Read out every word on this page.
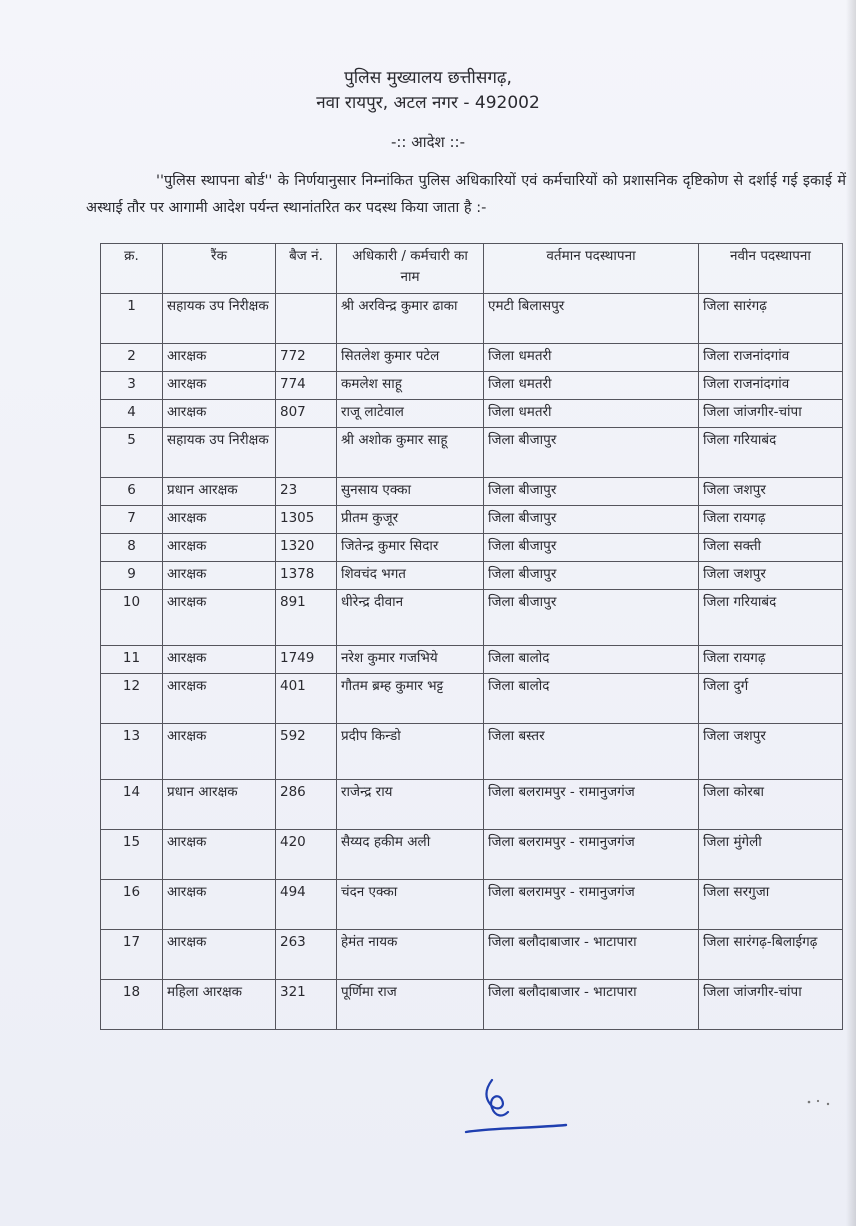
पुलिस मुख्यालय छत्तीसगढ़,
नवा रायपुर, अटल नगर - 492002
-:: आदेश ::-
''पुलिस स्थापना बोर्ड'' के निर्णयानुसार निम्नांकित पुलिस अधिकारियों एवं कर्मचारियों को प्रशासनिक दृष्टिकोण से दर्शाई गई इकाई में अस्थाई तौर पर आगामी आदेश पर्यन्त स्थानांतरित कर पदस्थ किया जाता है :-
क्र.	रैंक	बैज नं.	अधिकारी / कर्मचारी का नाम	वर्तमान पदस्थापना	नवीन पदस्थापना
1	सहायक उप निरीक्षक		श्री अरविन्द्र कुमार ढाका	एमटी बिलासपुर	जिला सारंगढ़
2	आरक्षक	772	सितलेश कुमार पटेल	जिला धमतरी	जिला राजनांदगांव
3	आरक्षक	774	कमलेश साहू	जिला धमतरी	जिला राजनांदगांव
4	आरक्षक	807	राजू लाटेवाल	जिला धमतरी	जिला जांजगीर-चांपा
5	सहायक उप निरीक्षक		श्री अशोक कुमार साहू	जिला बीजापुर	जिला गरियाबंद
6	प्रधान आरक्षक	23	सुनसाय एक्का	जिला बीजापुर	जिला जशपुर
7	आरक्षक	1305	प्रीतम कुजूर	जिला बीजापुर	जिला रायगढ़
8	आरक्षक	1320	जितेन्द्र कुमार सिदार	जिला बीजापुर	जिला सक्ती
9	आरक्षक	1378	शिवचंद भगत	जिला बीजापुर	जिला जशपुर
10	आरक्षक	891	धीरेन्द्र दीवान	जिला बीजापुर	जिला गरियाबंद
11	आरक्षक	1749	नरेश कुमार गजभिये	जिला बालोद	जिला रायगढ़
12	आरक्षक	401	गौतम ब्रम्ह कुमार भट्ट	जिला बालोद	जिला दुर्ग
13	आरक्षक	592	प्रदीप किन्डो	जिला बस्तर	जिला जशपुर
14	प्रधान आरक्षक	286	राजेन्द्र राय	जिला बलरामपुर - रामानुजगंज	जिला कोरबा
15	आरक्षक	420	सैय्यद हकीम अली	जिला बलरामपुर - रामानुजगंज	जिला मुंगेली
16	आरक्षक	494	चंदन एक्का	जिला बलरामपुर - रामानुजगंज	जिला सरगुजा
17	आरक्षक	263	हेमंत नायक	जिला बलौदाबाजार - भाटापारा	जिला सारंगढ़-बिलाईगढ़
18	महिला आरक्षक	321	पूर्णिमा राज	जिला बलौदाबाजार - भाटापारा	जिला जांजगीर-चांपा
